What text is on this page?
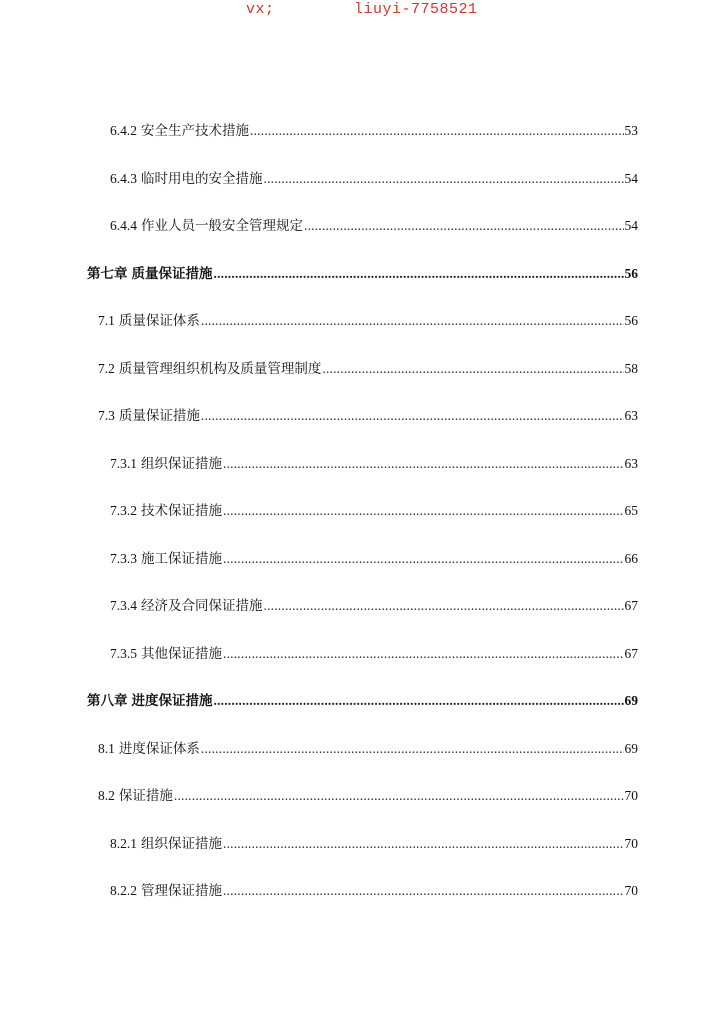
vx;	liuyi-7758521
6.4.2 安全生产技术措施 .....	53
6.4.3 临时用电的安全措施 .....	54
6.4.4 作业人员一般安全管理规定 .....	54
第七章 质量保证措施 .....	56
7.1 质量保证体系 .....	56
7.2 质量管理组织机构及质量管理制度 .....	58
7.3 质量保证措施 .....	63
7.3.1 组织保证措施 .....	63
7.3.2 技术保证措施 .....	65
7.3.3 施工保证措施 .....	66
7.3.4 经济及合同保证措施 .....	67
7.3.5 其他保证措施 .....	67
第八章 进度保证措施 .....	69
8.1 进度保证体系 .....	69
8.2 保证措施 .....	70
8.2.1 组织保证措施 .....	70
8.2.2 管理保证措施 .....	70
